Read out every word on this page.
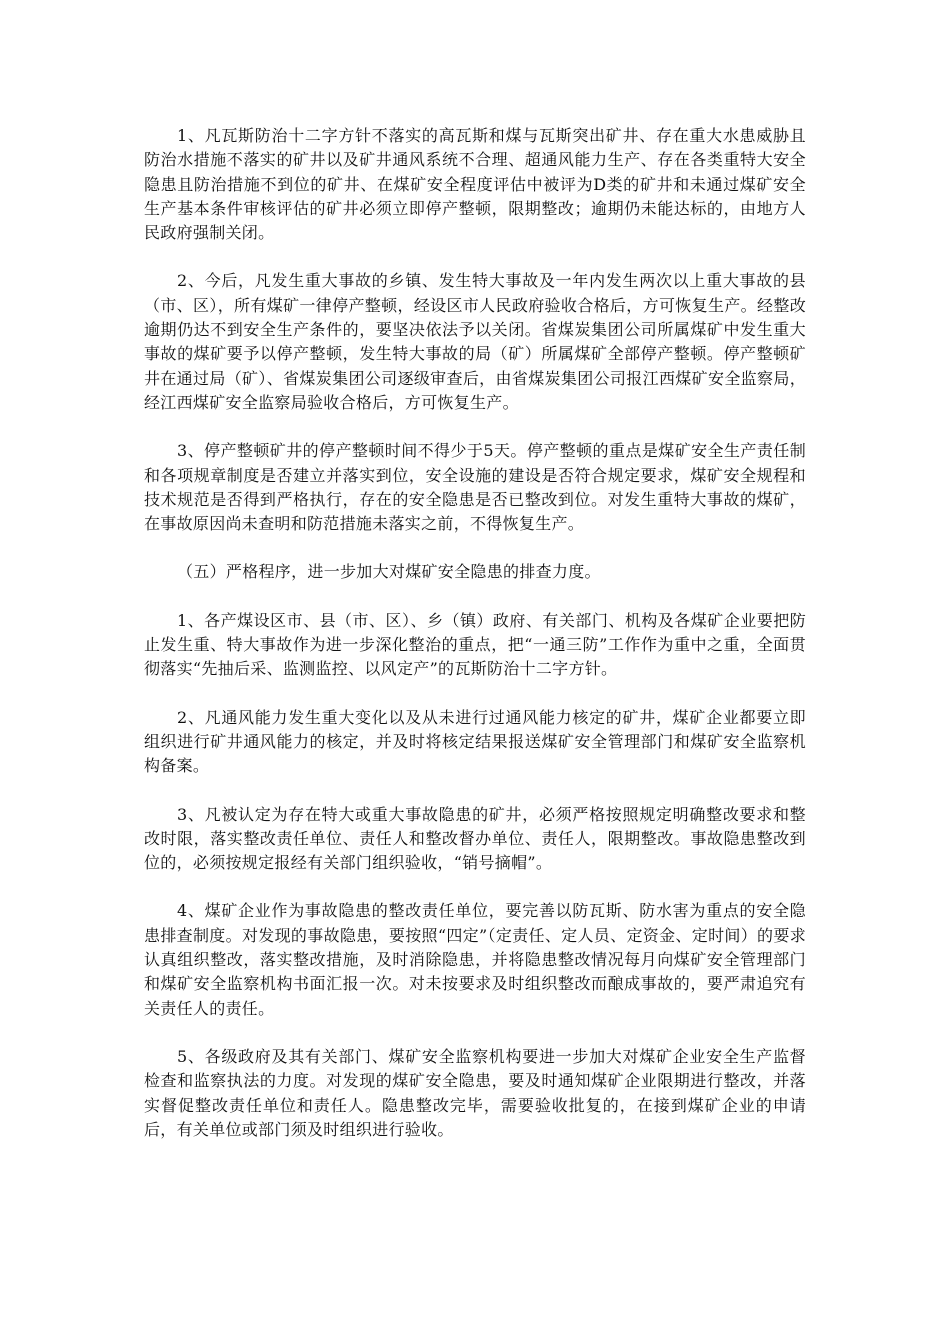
1、凡瓦斯防治十二字方针不落实的高瓦斯和煤与瓦斯突出矿井、存在重大水患威胁且防治水措施不落实的矿井以及矿井通风系统不合理、超通风能力生产、存在各类重特大安全隐患且防治措施不到位的矿井、在煤矿安全程度评估中被评为D类的矿井和未通过煤矿安全生产基本条件审核评估的矿井必须立即停产整顿，限期整改；逾期仍未能达标的，由地方人民政府强制关闭。

2、今后，凡发生重大事故的乡镇、发生特大事故及一年内发生两次以上重大事故的县（市、区），所有煤矿一律停产整顿，经设区市人民政府验收合格后，方可恢复生产。经整改逾期仍达不到安全生产条件的，要坚决依法予以关闭。省煤炭集团公司所属煤矿中发生重大事故的煤矿要予以停产整顿，发生特大事故的局（矿）所属煤矿全部停产整顿。停产整顿矿井在通过局（矿）、省煤炭集团公司逐级审查后，由省煤炭集团公司报江西煤矿安全监察局，经江西煤矿安全监察局验收合格后，方可恢复生产。

3、停产整顿矿井的停产整顿时间不得少于5天。停产整顿的重点是煤矿安全生产责任制和各项规章制度是否建立并落实到位，安全设施的建设是否符合规定要求，煤矿安全规程和技术规范是否得到严格执行，存在的安全隐患是否已整改到位。对发生重特大事故的煤矿，在事故原因尚未查明和防范措施未落实之前，不得恢复生产。

（五）严格程序，进一步加大对煤矿安全隐患的排查力度。

1、各产煤设区市、县（市、区）、乡（镇）政府、有关部门、机构及各煤矿企业要把防止发生重、特大事故作为进一步深化整治的重点，把“一通三防”工作作为重中之重，全面贯彻落实“先抽后采、监测监控、以风定产”的瓦斯防治十二字方针。

2、凡通风能力发生重大变化以及从未进行过通风能力核定的矿井，煤矿企业都要立即组织进行矿井通风能力的核定，并及时将核定结果报送煤矿安全管理部门和煤矿安全监察机构备案。

3、凡被认定为存在特大或重大事故隐患的矿井，必须严格按照规定明确整改要求和整改时限，落实整改责任单位、责任人和整改督办单位、责任人，限期整改。事故隐患整改到位的，必须按规定报经有关部门组织验收，“销号摘帽”。

4、煤矿企业作为事故隐患的整改责任单位，要完善以防瓦斯、防水害为重点的安全隐患排查制度。对发现的事故隐患，要按照“四定”（定责任、定人员、定资金、定时间）的要求认真组织整改，落实整改措施，及时消除隐患，并将隐患整改情况每月向煤矿安全管理部门和煤矿安全监察机构书面汇报一次。对未按要求及时组织整改而酿成事故的，要严肃追究有关责任人的责任。

5、各级政府及其有关部门、煤矿安全监察机构要进一步加大对煤矿企业安全生产监督检查和监察执法的力度。对发现的煤矿安全隐患，要及时通知煤矿企业限期进行整改，并落实督促整改责任单位和责任人。隐患整改完毕，需要验收批复的，在接到煤矿企业的申请后，有关单位或部门须及时组织进行验收。
